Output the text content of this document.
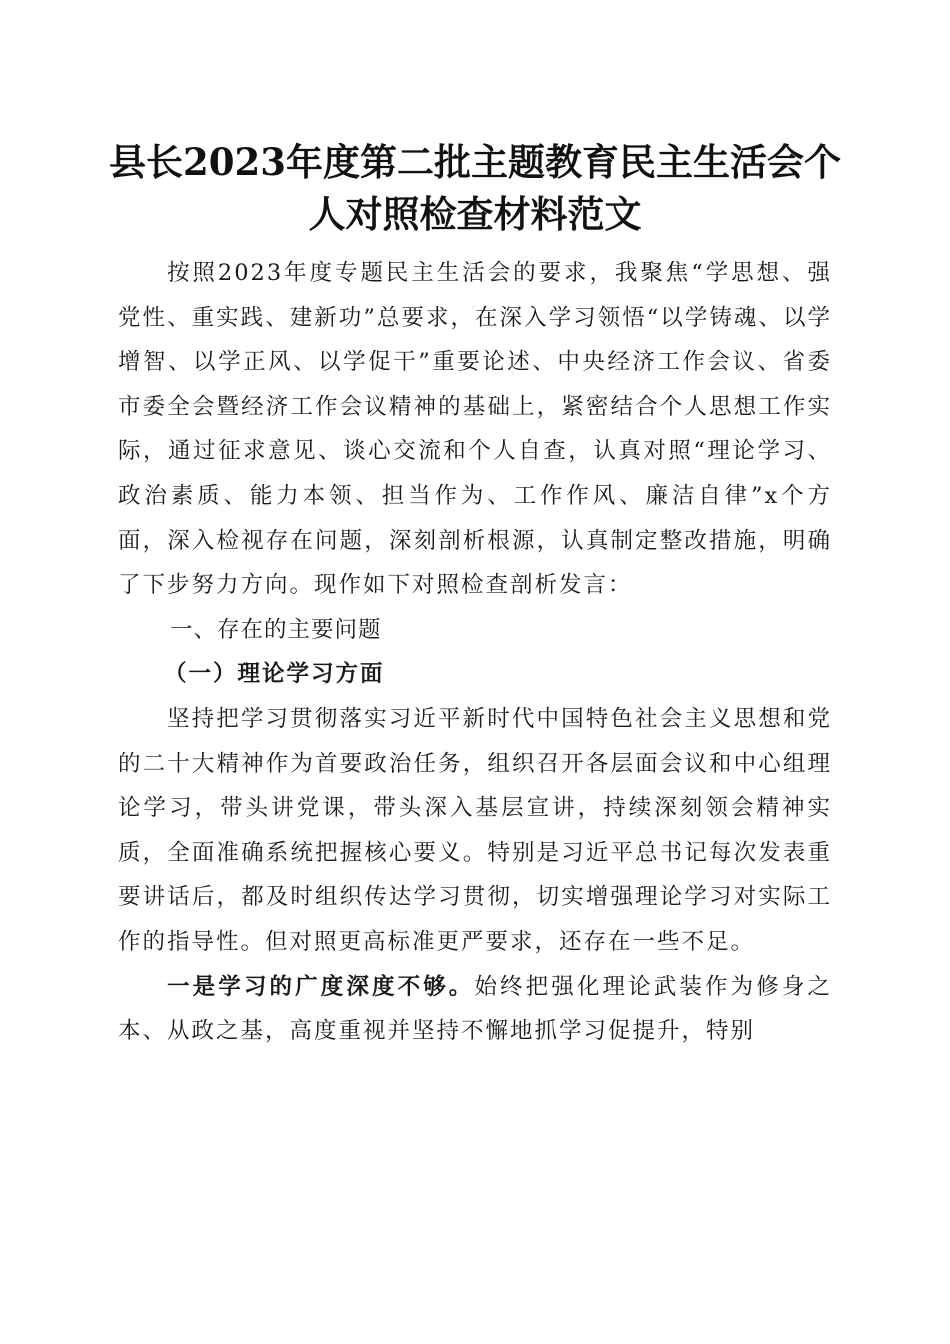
县长2023年度第二批主题教育民主生活会个
人对照检查材料范文

按照2023年度专题民主生活会的要求，我聚焦“学思想、强党性、重实践、建新功”总要求，在深入学习领悟“以学铸魂、以学增智、以学正风、以学促干”重要论述、中央经济工作会议、省委市委全会暨经济工作会议精神的基础上，紧密结合个人思想工作实际，通过征求意见、谈心交流和个人自查，认真对照“理论学习、政治素质、能力本领、担当作为、工作作风、廉洁自律”x个方面，深入检视存在问题，深刻剖析根源，认真制定整改措施，明确了下步努力方向。现作如下对照检查剖析发言：

一、存在的主要问题

（一）理论学习方面

坚持把学习贯彻落实习近平新时代中国特色社会主义思想和党的二十大精神作为首要政治任务，组织召开各层面会议和中心组理论学习，带头讲党课，带头深入基层宣讲，持续深刻领会精神实质，全面准确系统把握核心要义。特别是习近平总书记每次发表重要讲话后，都及时组织传达学习贯彻，切实增强理论学习对实际工作的指导性。但对照更高标准更严要求，还存在一些不足。

一是学习的广度深度不够。始终把强化理论武装作为修身之本、从政之基，高度重视并坚持不懈地抓学习促提升，特别
